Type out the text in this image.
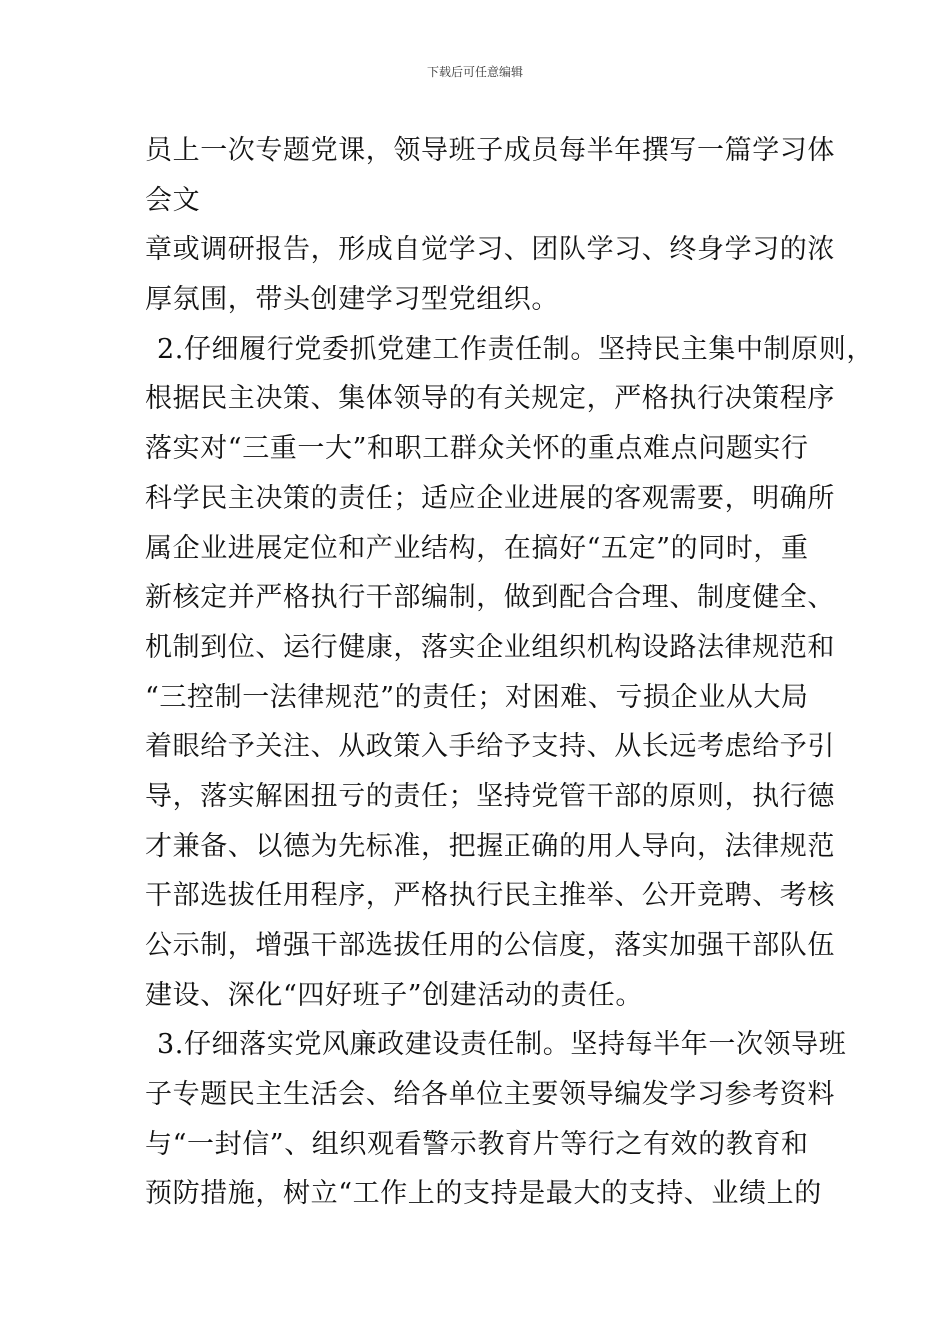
下载后可任意编辑
员上一次专题党课，领导班子成员每半年撰写一篇学习体
会文
章或调研报告，形成自觉学习、团队学习、终身学习的浓
厚氛围，带头创建学习型党组织。
2.仔细履行党委抓党建工作责任制。坚持民主集中制原则，
根据民主决策、集体领导的有关规定，严格执行决策程序
落实对“三重一大”和职工群众关怀的重点难点问题实行
科学民主决策的责任；适应企业进展的客观需要，明确所
属企业进展定位和产业结构，在搞好“五定”的同时，重
新核定并严格执行干部编制，做到配合合理、制度健全、
机制到位、运行健康，落实企业组织机构设路法律规范和
“三控制一法律规范”的责任；对困难、亏损企业从大局
着眼给予关注、从政策入手给予支持、从长远考虑给予引
导，落实解困扭亏的责任；坚持党管干部的原则，执行德
才兼备、以德为先标准，把握正确的用人导向，法律规范
干部选拔任用程序，严格执行民主推举、公开竞聘、考核
公示制，增强干部选拔任用的公信度，落实加强干部队伍
建设、深化“四好班子”创建活动的责任。
3.仔细落实党风廉政建设责任制。坚持每半年一次领导班
子专题民主生活会、给各单位主要领导编发学习参考资料
与“一封信”、组织观看警示教育片等行之有效的教育和
预防措施，树立“工作上的支持是最大的支持、业绩上的
